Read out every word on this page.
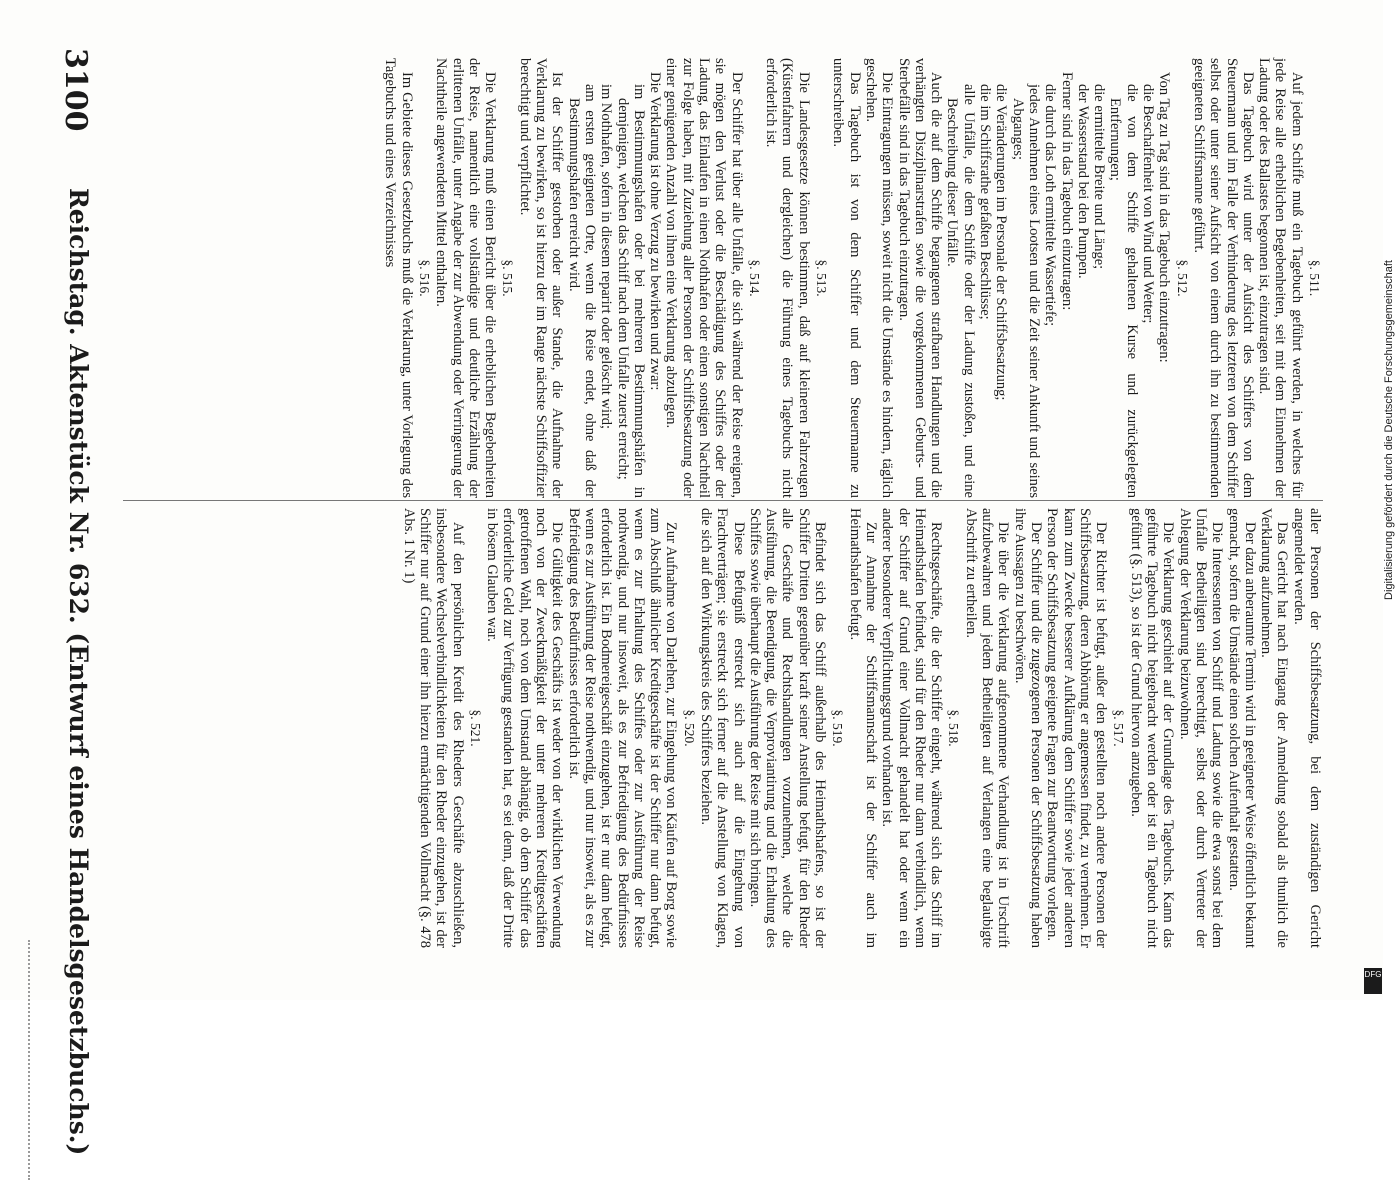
3100
Reichstag. Aktenstück Nr. 632. (Entwurf eines Handelsgesetzbuchs.)	§. 511.

Auf jedem Schiffe muß ein Tagebuch geführt werden, in welches für jede Reise alle erheblichen Begebenheiten, seit mit dem Einnehmen der Ladung oder des Ballastes begonnen ist, einzutragen sind.

Das Tagebuch wird unter der Aufsicht des Schiffers von dem Steuermann und im Falle der Verhinderung des letzteren von dem Schiffer selbst oder unter seiner Aufsicht von einem durch ihn zu bestimmenden geeigneten Schiffsmanne geführt.

§. 512.

Von Tag zu Tag sind in das Tagebuch einzutragen:

die Beschaffenheit von Wind und Wetter;

die von dem Schiffe gehaltenen Kurse und zurückgelegten Entfernungen;

die ermittelte Breite und Länge;

der Wasserstand bei den Pumpen.

Ferner sind in das Tagebuch einzutragen:

die durch das Loth ermittelte Wassertiefe;

jedes Annehmen eines Lootsen und die Zeit seiner Ankunft und seines Abganges;

die Veränderungen im Personale der Schiffsbesatzung;

die im Schiffsrathe gefaßten Beschlüsse;

alle Unfälle, die dem Schiffe oder der Ladung zustoßen, und eine Beschreibung dieser Unfälle.

Auch die auf dem Schiffe begangenen strafbaren Handlungen und die verhängten Disziplinarstrafen sowie die vorgekommenen Geburts- und Sterbefälle sind in das Tagebuch einzutragen.

Die Eintragungen müssen, soweit nicht die Umstände es hindern, täglich geschehen.

Das Tagebuch ist von dem Schiffer und dem Steuermanne zu unterschreiben.

§. 513.

Die Landesgesetze können bestimmen, daß auf kleineren Fahrzeugen (Küstenfahrern und dergleichen) die Führung eines Tagebuchs nicht erforderlich ist.

§. 514.

Der Schiffer hat über alle Unfälle, die sich während der Reise ereignen, sie mögen den Verlust oder die Beschädigung des Schiffes oder der Ladung, das Einlaufen in einen Nothhafen oder einen sonstigen Nachtheil zur Folge haben, mit Zuziehung aller Personen der Schiffsbesatzung oder einer genügenden Anzahl von ihnen eine Verklarung abzulegen.

Die Verklarung ist ohne Verzug zu bewirken und zwar:

im Bestimmungshafen oder bei mehreren Bestimmungshäfen in demjenigen, welchen das Schiff nach dem Unfalle zuerst erreicht;

im Nothhafen, sofern in diesem reparirt oder gelöscht wird;

am ersten geeigneten Orte, wenn die Reise endet, ohne daß der Bestimmungshafen erreicht wird.

Ist der Schiffer gestorben oder außer Stande, die Aufnahme der Verklarung zu bewirken, so ist hierzu der im Range nächste Schiffsoffizier berechtigt und verpflichtet.

§. 515.

Die Verklarung muß einen Bericht über die erheblichen Begebenheiten der Reise, namentlich eine vollständige und deutliche Erzählung der erlittenen Unfälle, unter Angabe der zur Abwendung oder Verringerung der Nachtheile angewendeten Mittel enthalten.

§. 516.

Im Gebiete dieses Gesetzbuchs muß die Verklarung, unter Vorlegung des Tagebuchs und eines Verzeichnisses

aller Personen der Schiffsbesatzung, bei dem zuständigen Gericht angemeldet werden.

Das Gericht hat nach Eingang der Anmeldung sobald als thunlich die Verklarung aufzunehmen.

Der dazu anberaumte Termin wird in geeigneter Weise öffentlich bekannt gemacht, sofern die Umstände einen solchen Aufenthalt gestatten.

Die Interessenten von Schiff und Ladung sowie die etwa sonst bei dem Unfalle Betheiligten sind berechtigt, selbst oder durch Vertreter der Ablegung der Verklarung beizuwohnen.

Die Verklarung geschieht auf der Grundlage des Tagebuchs. Kann das geführte Tagebuch nicht beigebracht werden oder ist ein Tagebuch nicht geführt (§. 513), so ist der Grund hiervon anzugeben.

§. 517.

Der Richter ist befugt, außer den gestellten noch andere Personen der Schiffsbesatzung, deren Abhörung er angemessen findet, zu vernehmen. Er kann zum Zwecke besserer Aufklärung dem Schiffer sowie jeder anderen Person der Schiffsbesatzung geeignete Fragen zur Beantwortung vorlegen.

Der Schiffer und die zugezogenen Personen der Schiffsbesatzung haben ihre Aussagen zu beschwören.

Die über die Verklarung aufgenommene Verhandlung ist in Urschrift aufzubewahren und jedem Betheiligten auf Verlangen eine beglaubigte Abschrift zu ertheilen.

§. 518.

Rechtsgeschäfte, die der Schiffer eingeht, während sich das Schiff im Heimathshafen befindet, sind für den Rheder nur dann verbindlich, wenn der Schiffer auf Grund einer Vollmacht gehandelt hat oder wenn ein anderer besonderer Verpflichtungsgrund vorhanden ist.

Zur Annahme der Schiffsmannschaft ist der Schiffer auch im Heimathshafen befugt.

§. 519.

Befindet sich das Schiff außerhalb des Heimathshafens, so ist der Schiffer Dritten gegenüber kraft seiner Anstellung befugt, für den Rheder alle Geschäfte und Rechtshandlungen vorzunehmen, welche die Ausführung, die Beendigung, die Verproviantirung und die Erhaltung des Schiffes sowie überhaupt die Ausführung der Reise mit sich bringen.

Diese Befugniß erstreckt sich auch auf die Eingehung von Frachtverträgen; sie erstreckt sich ferner auf die Anstellung von Klagen, die sich auf den Wirkungskreis des Schiffers beziehen.

§. 520.

Zur Aufnahme von Darlehen, zur Eingehung von Käufen auf Borg sowie zum Abschluß ähnlicher Kreditgeschäfte ist der Schiffer nur dann befugt, wenn es zur Erhaltung des Schiffes oder zur Ausführung der Reise nothwendig, und nur insoweit, als es zur Befriedigung des Bedürfnisses erforderlich ist. Ein Bodmereigeschäft einzugehen, ist er nur dann befugt, wenn es zur Ausführung der Reise nothwendig, und nur insoweit, als es zur Befriedigung des Bedürfnisses erforderlich ist.

Die Gültigkeit des Geschäfts ist weder von der wirklichen Verwendung noch von der Zweckmäßigkeit der unter mehreren Kreditgeschäften getroffenen Wahl, noch von dem Umstand abhängig, ob dem Schiffer das erforderliche Geld zur Verfügung gestanden hat, es sei denn, daß der Dritte in bösem Glauben war.

§. 521.

Auf den persönlichen Kredit des Rheders Geschäfte abzuschließen, insbesondere Wechselverbindlichkeiten für den Rheder einzugehen, ist der Schiffer nur auf Grund einer ihn hierzu ermächtigenden Vollmacht (§. 478 Abs. 1 Nr. 1)	Digitalisierung gefördert durch die Deutsche Forschungsgemeinschaft
DFG
